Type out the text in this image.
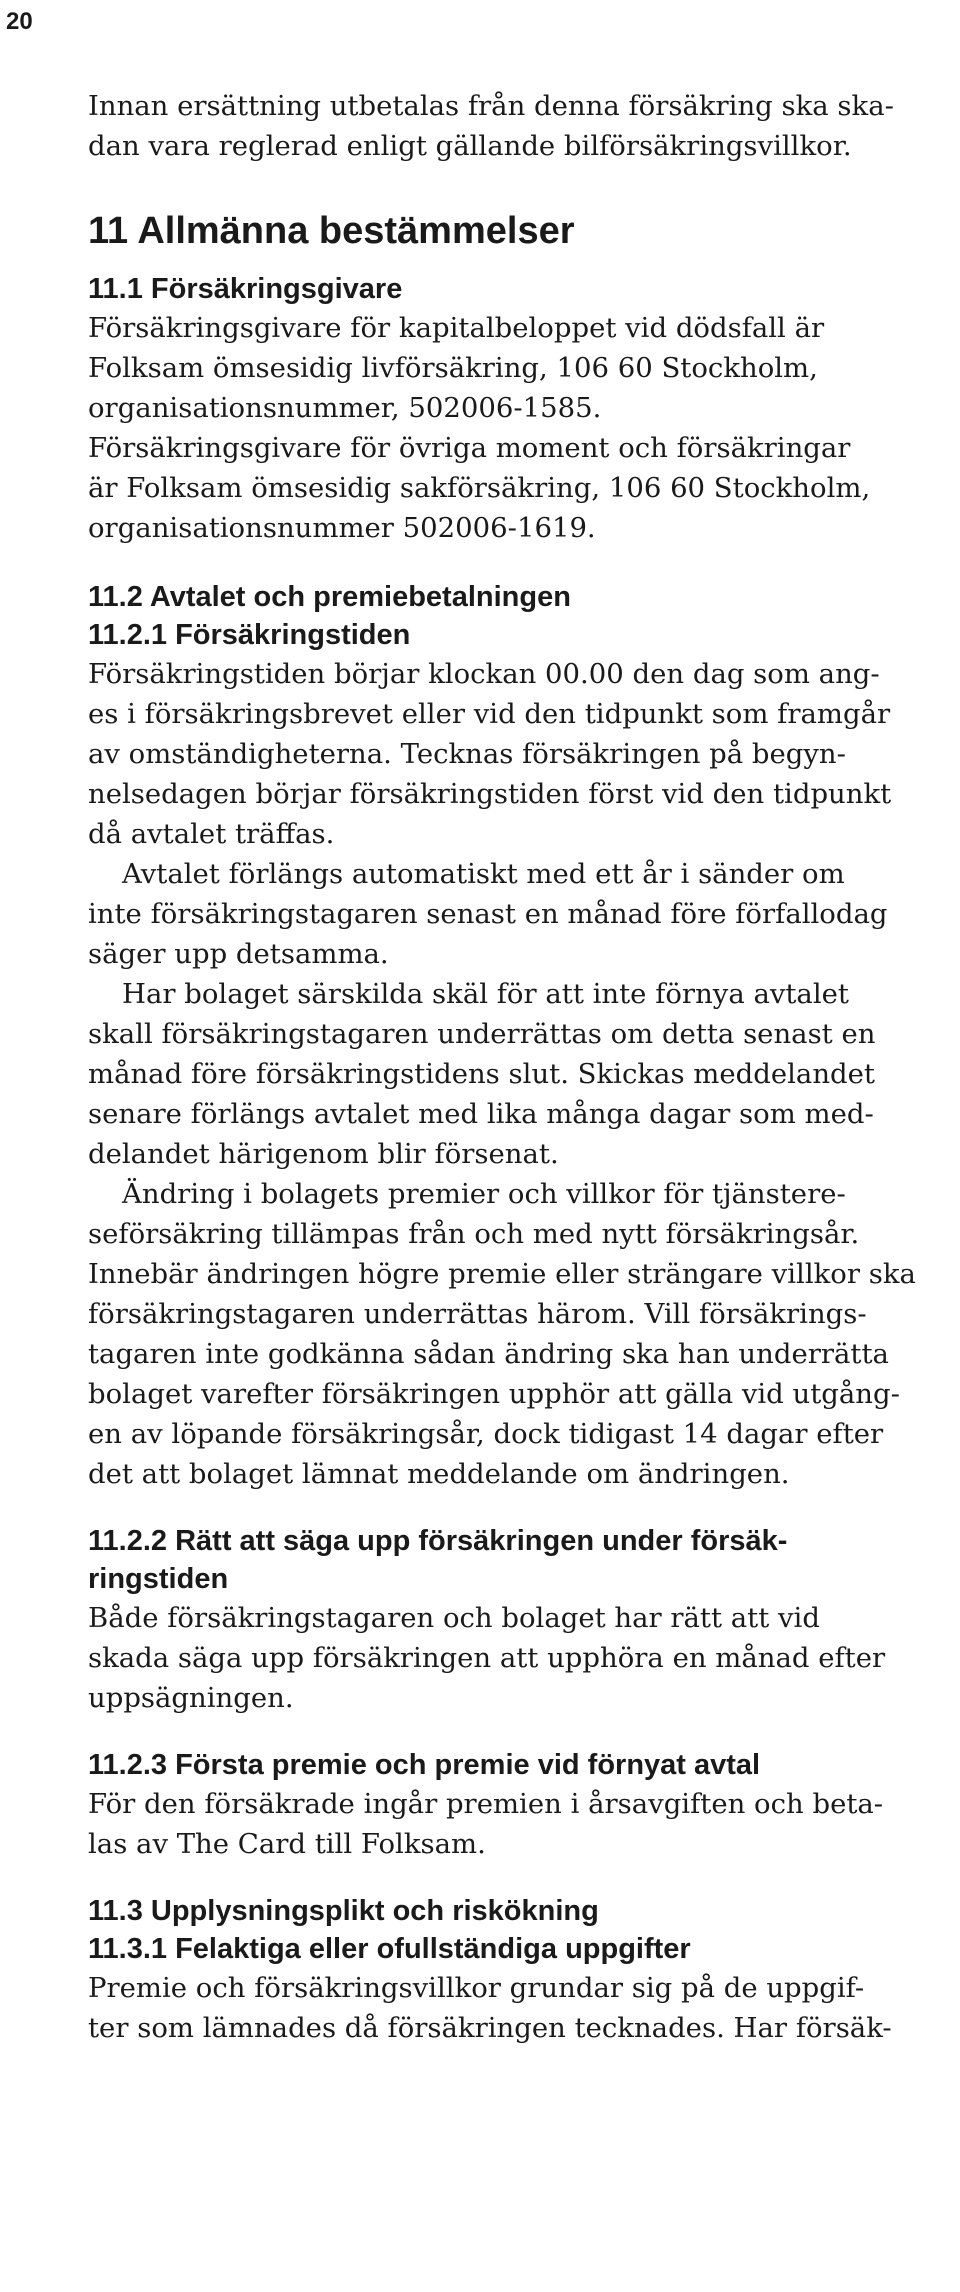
20

Innan ersättning utbetalas från denna försäkring ska ska-
dan vara reglerad enligt gällande bilförsäkringsvillkor.

11 Allmänna bestämmelser
11.1 Försäkringsgivare

Försäkringsgivare för kapitalbeloppet vid dödsfall är
Folksam ömsesidig livförsäkring, 106 60 Stockholm,
organisationsnummer, 502006-1585.

Försäkringsgivare för övriga moment och försäkringar
är Folksam ömsesidig sakförsäkring, 106 60 Stockholm,
organisationsnummer 502006-1619.

11.2 Avtalet och premiebetalningen
11.2.1 Försäkringstiden

Försäkringstiden börjar klockan 00.00 den dag som ang-
es i försäkringsbrevet eller vid den tidpunkt som framgår
av omständigheterna. Tecknas försäkringen på begyn-
nelsedagen börjar försäkringstiden först vid den tidpunkt
då avtalet träffas.

Avtalet förlängs automatiskt med ett år i sänder om
inte försäkringstagaren senast en månad före förfallodag
säger upp detsamma.

Har bolaget särskilda skäl för att inte förnya avtalet
skall försäkringstagaren underrättas om detta senast en
månad före försäkringstidens slut. Skickas meddelandet
senare förlängs avtalet med lika många dagar som med-
delandet härigenom blir försenat.

Ändring i bolagets premier och villkor för tjänstere-
seförsäkring tillämpas från och med nytt försäkringsår.
Innebär ändringen högre premie eller strängare villkor ska
försäkringstagaren underrättas härom. Vill försäkrings-
tagaren inte godkänna sådan ändring ska han underrätta
bolaget varefter försäkringen upphör att gälla vid utgång-
en av löpande försäkringsår, dock tidigast 14 dagar efter
det att bolaget lämnat meddelande om ändringen.

11.2.2 Rätt att säga upp försäkringen under försäk-
ringstiden

Både försäkringstagaren och bolaget har rätt att vid
skada säga upp försäkringen att upphöra en månad efter
uppsägningen.

11.2.3 Första premie och premie vid förnyat avtal

För den försäkrade ingår premien i årsavgiften och beta-
las av The Card till Folksam.

11.3 Upplysningsplikt och riskökning
11.3.1 Felaktiga eller ofullständiga uppgifter

Premie och försäkringsvillkor grundar sig på de uppgif-
ter som lämnades då försäkringen tecknades. Har försäk-
